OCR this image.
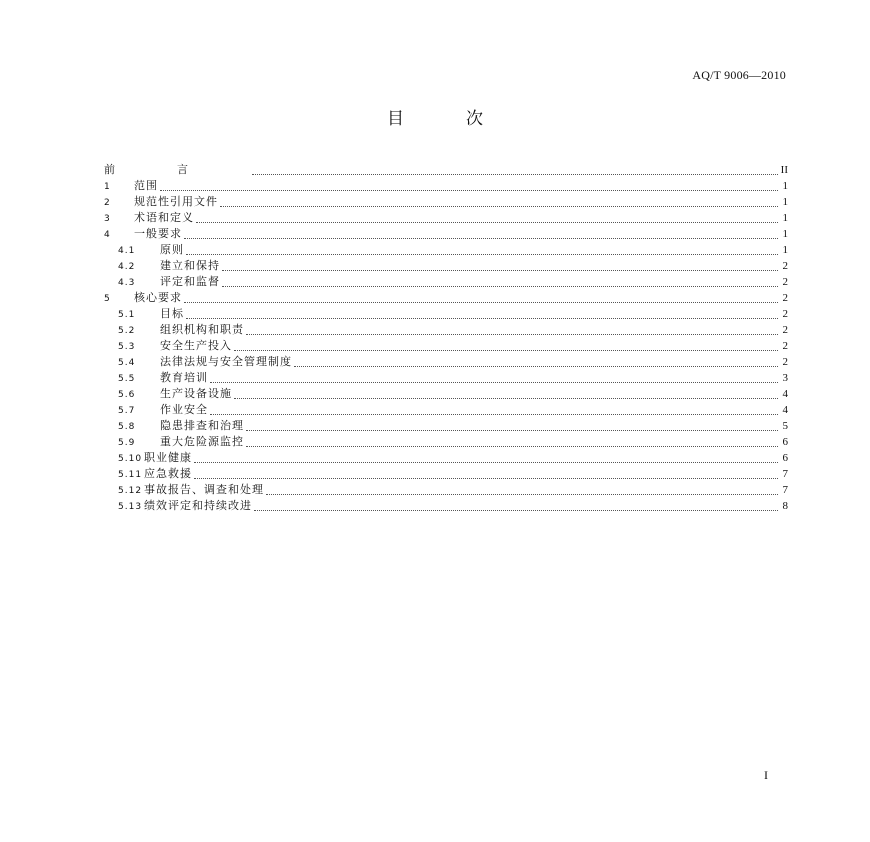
AQ/T 9006—2010
目次
前言	II
1	范围	1
2	规范性引用文件	1
3	术语和定义	1
4	一般要求	1
4.1	原则	1
4.2	建立和保持	2
4.3	评定和监督	2
5	核心要求	2
5.1	目标	2
5.2	组织机构和职责	2
5.3	安全生产投入	2
5.4	法律法规与安全管理制度	2
5.5	教育培训	3
5.6	生产设备设施	4
5.7	作业安全	4
5.8	隐患排查和治理	5
5.9	重大危险源监控	6
5.10 职业健康	6
5.11 应急救援	7
5.12 事故报告、调查和处理	7
5.13 绩效评定和持续改进	8
I
